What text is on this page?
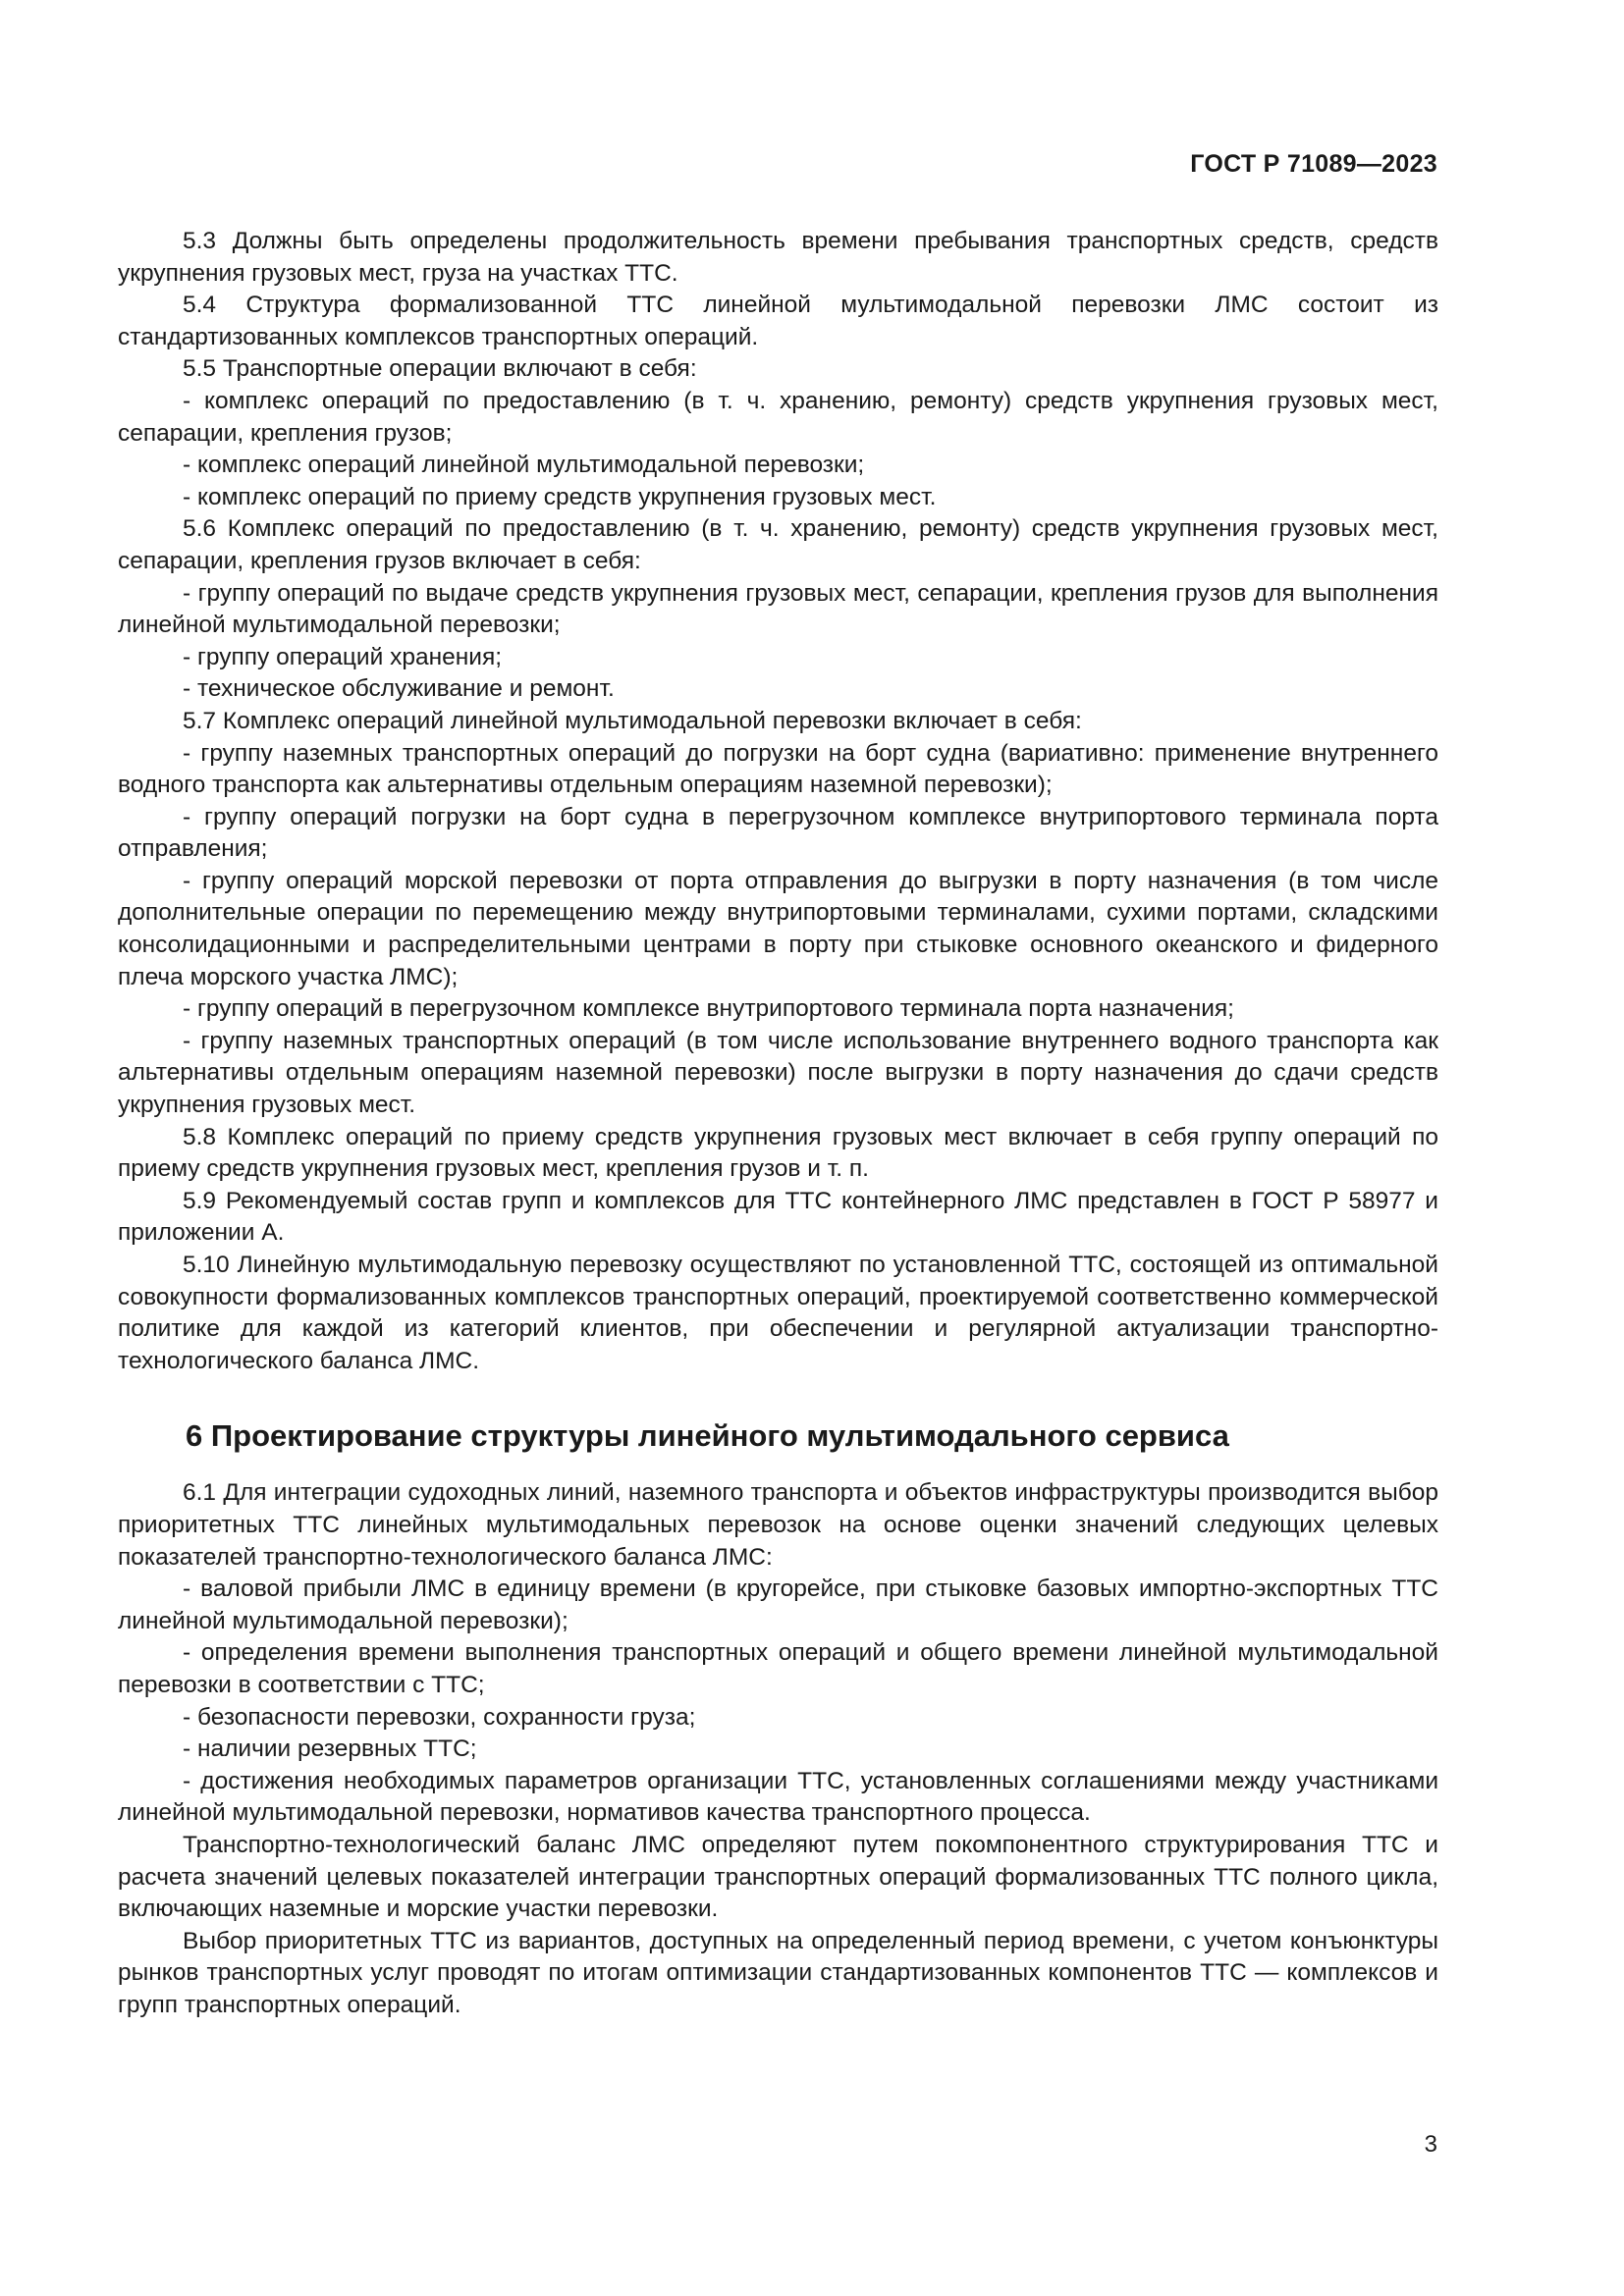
ГОСТ Р 71089—2023

5.3 Должны быть определены продолжительность времени пребывания транспортных средств, средств укрупнения грузовых мест, груза на участках ТТС.

5.4 Структура формализованной ТТС линейной мультимодальной перевозки ЛМС состоит из стандартизованных комплексов транспортных операций.

5.5 Транспортные операции включают в себя:

- комплекс операций по предоставлению (в т. ч. хранению, ремонту) средств укрупнения грузовых мест, сепарации, крепления грузов;

- комплекс операций линейной мультимодальной перевозки;

- комплекс операций по приему средств укрупнения грузовых мест.

5.6 Комплекс операций по предоставлению (в т. ч. хранению, ремонту) средств укрупнения грузовых мест, сепарации, крепления грузов включает в себя:

- группу операций по выдаче средств укрупнения грузовых мест, сепарации, крепления грузов для выполнения линейной мультимодальной перевозки;

- группу операций хранения;

- техническое обслуживание и ремонт.

5.7 Комплекс операций линейной мультимодальной перевозки включает в себя:

- группу наземных транспортных операций до погрузки на борт судна (вариативно: применение внутреннего водного транспорта как альтернативы отдельным операциям наземной перевозки);

- группу операций погрузки на борт судна в перегрузочном комплексе внутрипортового терминала порта отправления;

- группу операций морской перевозки от порта отправления до выгрузки в порту назначения (в том числе дополнительные операции по перемещению между внутрипортовыми терминалами, сухими портами, складскими консолидационными и распределительными центрами в порту при стыковке основного океанского и фидерного плеча морского участка ЛМС);

- группу операций в перегрузочном комплексе внутрипортового терминала порта назначения;

- группу наземных транспортных операций (в том числе использование внутреннего водного транспорта как альтернативы отдельным операциям наземной перевозки) после выгрузки в порту назначения до сдачи средств укрупнения грузовых мест.

5.8 Комплекс операций по приему средств укрупнения грузовых мест включает в себя группу операций по приему средств укрупнения грузовых мест, крепления грузов и т. п.

5.9 Рекомендуемый состав групп и комплексов для ТТС контейнерного ЛМС представлен в ГОСТ Р 58977 и приложении А.

5.10 Линейную мультимодальную перевозку осуществляют по установленной ТТС, состоящей из оптимальной совокупности формализованных комплексов транспортных операций, проектируемой соответственно коммерческой политике для каждой из категорий клиентов, при обеспечении и регулярной актуализации транспортно-технологического баланса ЛМС.

6 Проектирование структуры линейного мультимодального сервиса

6.1 Для интеграции судоходных линий, наземного транспорта и объектов инфраструктуры производится выбор приоритетных ТТС линейных мультимодальных перевозок на основе оценки значений следующих целевых показателей транспортно-технологического баланса ЛМС:

- валовой прибыли ЛМС в единицу времени (в кругорейсе, при стыковке базовых импортно-экспортных ТТС линейной мультимодальной перевозки);

- определения времени выполнения транспортных операций и общего времени линейной мультимодальной перевозки в соответствии с ТТС;

- безопасности перевозки, сохранности груза;

- наличии резервных ТТС;

- достижения необходимых параметров организации ТТС, установленных соглашениями между участниками линейной мультимодальной перевозки, нормативов качества транспортного процесса.

Транспортно-технологический баланс ЛМС определяют путем покомпонентного структурирования ТТС и расчета значений целевых показателей интеграции транспортных операций формализованных ТТС полного цикла, включающих наземные и морские участки перевозки.

Выбор приоритетных ТТС из вариантов, доступных на определенный период времени, с учетом конъюнктуры рынков транспортных услуг проводят по итогам оптимизации стандартизованных компонентов ТТС — комплексов и групп транспортных операций.

3
